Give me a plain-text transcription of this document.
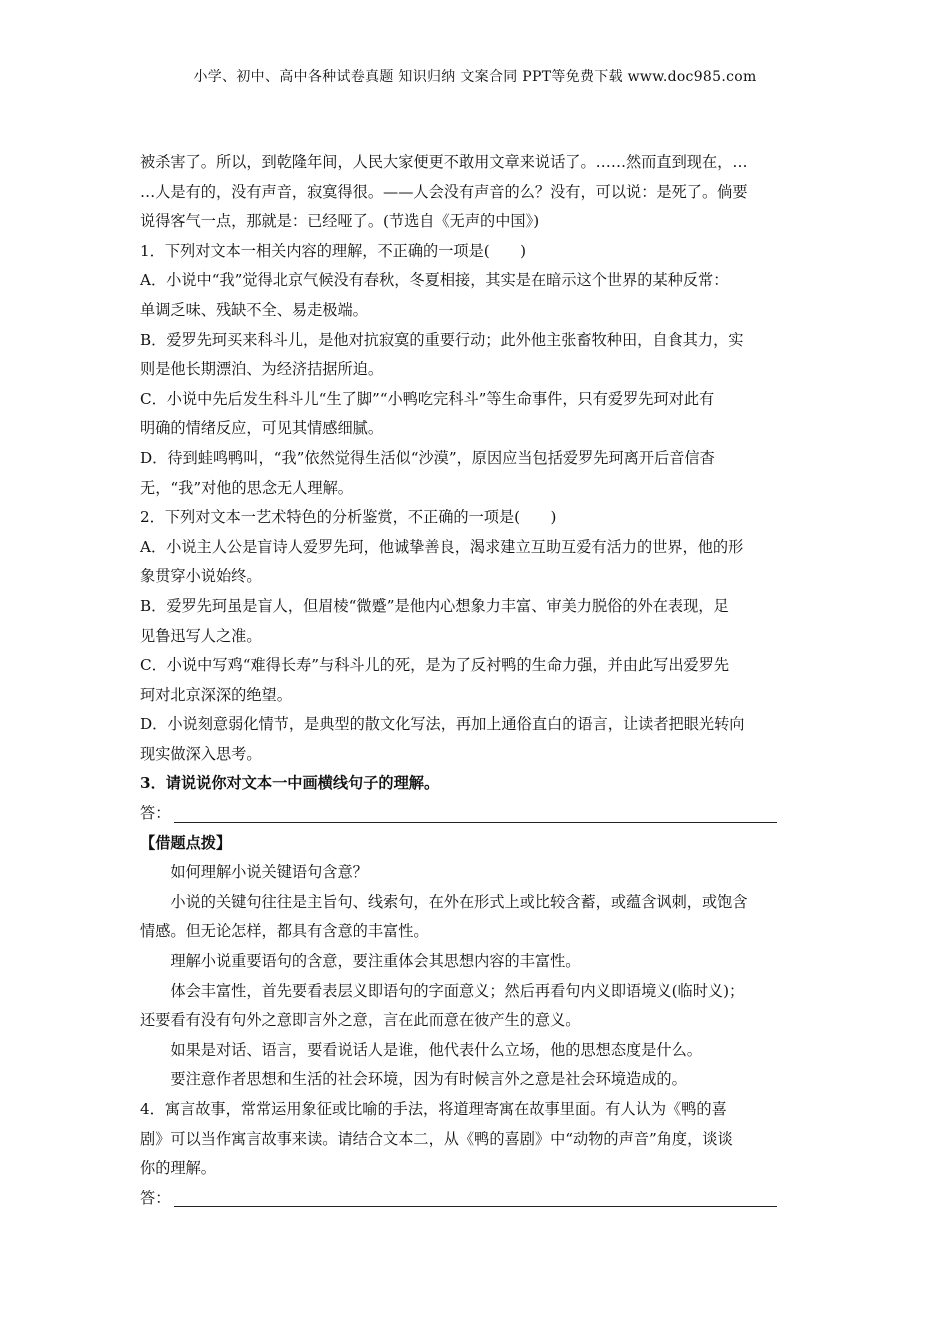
小学、初中、高中各种试卷真题 知识归纳 文案合同 PPT等免费下载 www.doc985.com

被杀害了。所以，到乾隆年间，人民大家便更不敢用文章来说话了。……然而直到现在，…

…人是有的，没有声音，寂寞得很。——人会没有声音的么？没有，可以说：是死了。倘要

说得客气一点，那就是：已经哑了。(节选自《无声的中国》)

1．下列对文本一相关内容的理解，不正确的一项是(　　)

A．小说中“我”觉得北京气候没有春秋，冬夏相接，其实是在暗示这个世界的某种反常：

单调乏味、残缺不全、易走极端。

B．爱罗先珂买来科斗儿，是他对抗寂寞的重要行动；此外他主张畜牧种田，自食其力，实

则是他长期漂泊、为经济拮据所迫。

C．小说中先后发生科斗儿“生了脚”“小鸭吃完科斗”等生命事件，只有爱罗先珂对此有

明确的情绪反应，可见其情感细腻。

D．待到蛙鸣鸭叫，“我”依然觉得生活似“沙漠”，原因应当包括爱罗先珂离开后音信杳

无，“我”对他的思念无人理解。

2．下列对文本一艺术特色的分析鉴赏，不正确的一项是(　　)

A．小说主人公是盲诗人爱罗先珂，他诚挚善良，渴求建立互助互爱有活力的世界，他的形

象贯穿小说始终。

B．爱罗先珂虽是盲人，但眉棱“微蹙”是他内心想象力丰富、审美力脱俗的外在表现，足

见鲁迅写人之准。

C．小说中写鸡“难得长寿”与科斗儿的死，是为了反衬鸭的生命力强，并由此写出爱罗先

珂对北京深深的绝望。

D．小说刻意弱化情节，是典型的散文化写法，再加上通俗直白的语言，让读者把眼光转向

现实做深入思考。

3．请说说你对文本一中画横线句子的理解。

答：

【借题点拨】

如何理解小说关键语句含意？

小说的关键句往往是主旨句、线索句，在外在形式上或比较含蓄，或蕴含讽刺，或饱含

情感。但无论怎样，都具有含意的丰富性。

理解小说重要语句的含意，要注重体会其思想内容的丰富性。

体会丰富性，首先要看表层义即语句的字面意义；然后再看句内义即语境义(临时义)；

还要看有没有句外之意即言外之意，言在此而意在彼产生的意义。

如果是对话、语言，要看说话人是谁，他代表什么立场，他的思想态度是什么。

要注意作者思想和生活的社会环境，因为有时候言外之意是社会环境造成的。

4．寓言故事，常常运用象征或比喻的手法，将道理寄寓在故事里面。有人认为《鸭的喜

剧》可以当作寓言故事来读。请结合文本二，从《鸭的喜剧》中“动物的声音”角度，谈谈

你的理解。

答：
